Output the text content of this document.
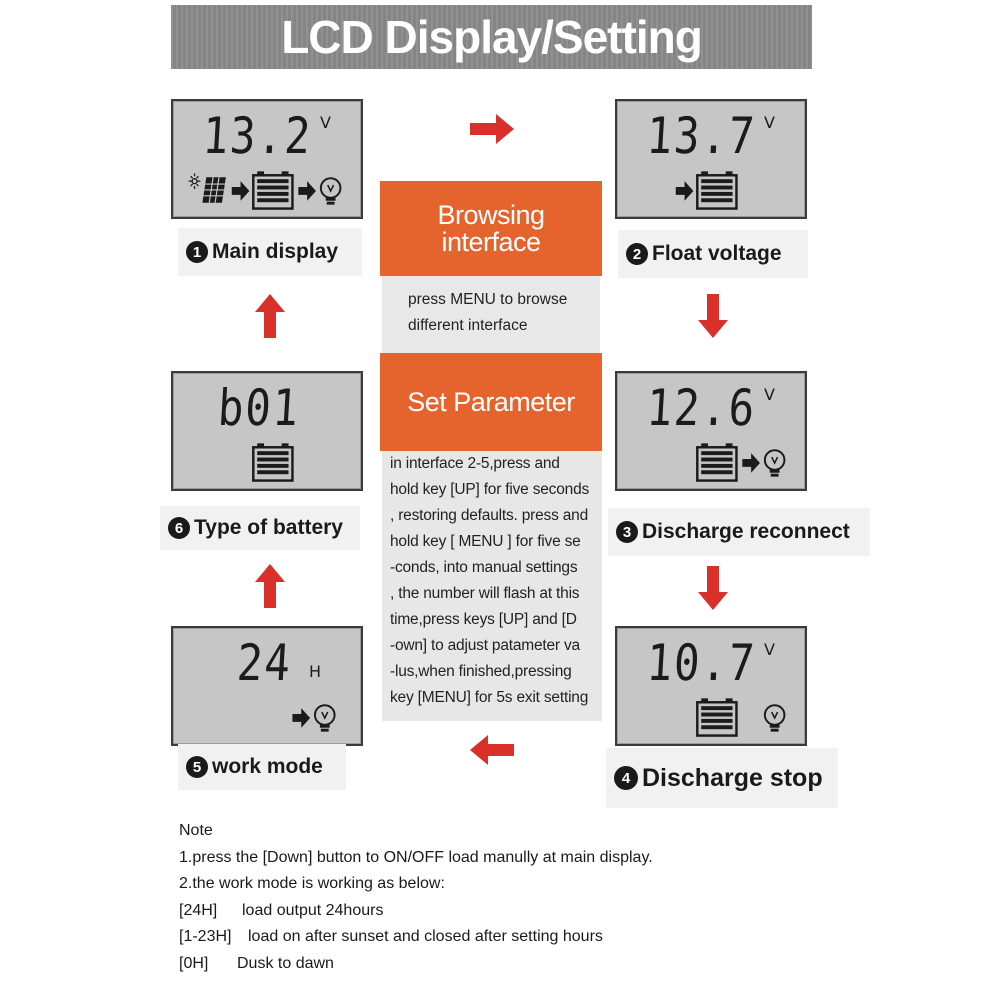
LCD Display/Setting
13.2 V
1 Main display
13.7 V
2 Float voltage
b01
6 Type of battery
12.6 V
3 Discharge reconnect
24 H
5 work mode
10.7 V
4 Discharge stop
Browsing
interface
press MENU to browse
different interface
Set Parameter
in interface 2-5,press and
hold key [UP] for five seconds
, restoring defaults. press and
hold key [ MENU ] for five se
-conds, into manual settings
, the number will flash at this
time,press keys [UP] and [D
-own] to adjust patameter va
-lus,when finished,pressing
key [MENU] for 5s exit setting
Note
1.press the [Down] button to ON/OFF load manully at main display.
2.the work mode is working as below:
[24H] load output 24hours
[1-23H] load on after sunset and closed after setting hours
[0H] Dusk to dawn
